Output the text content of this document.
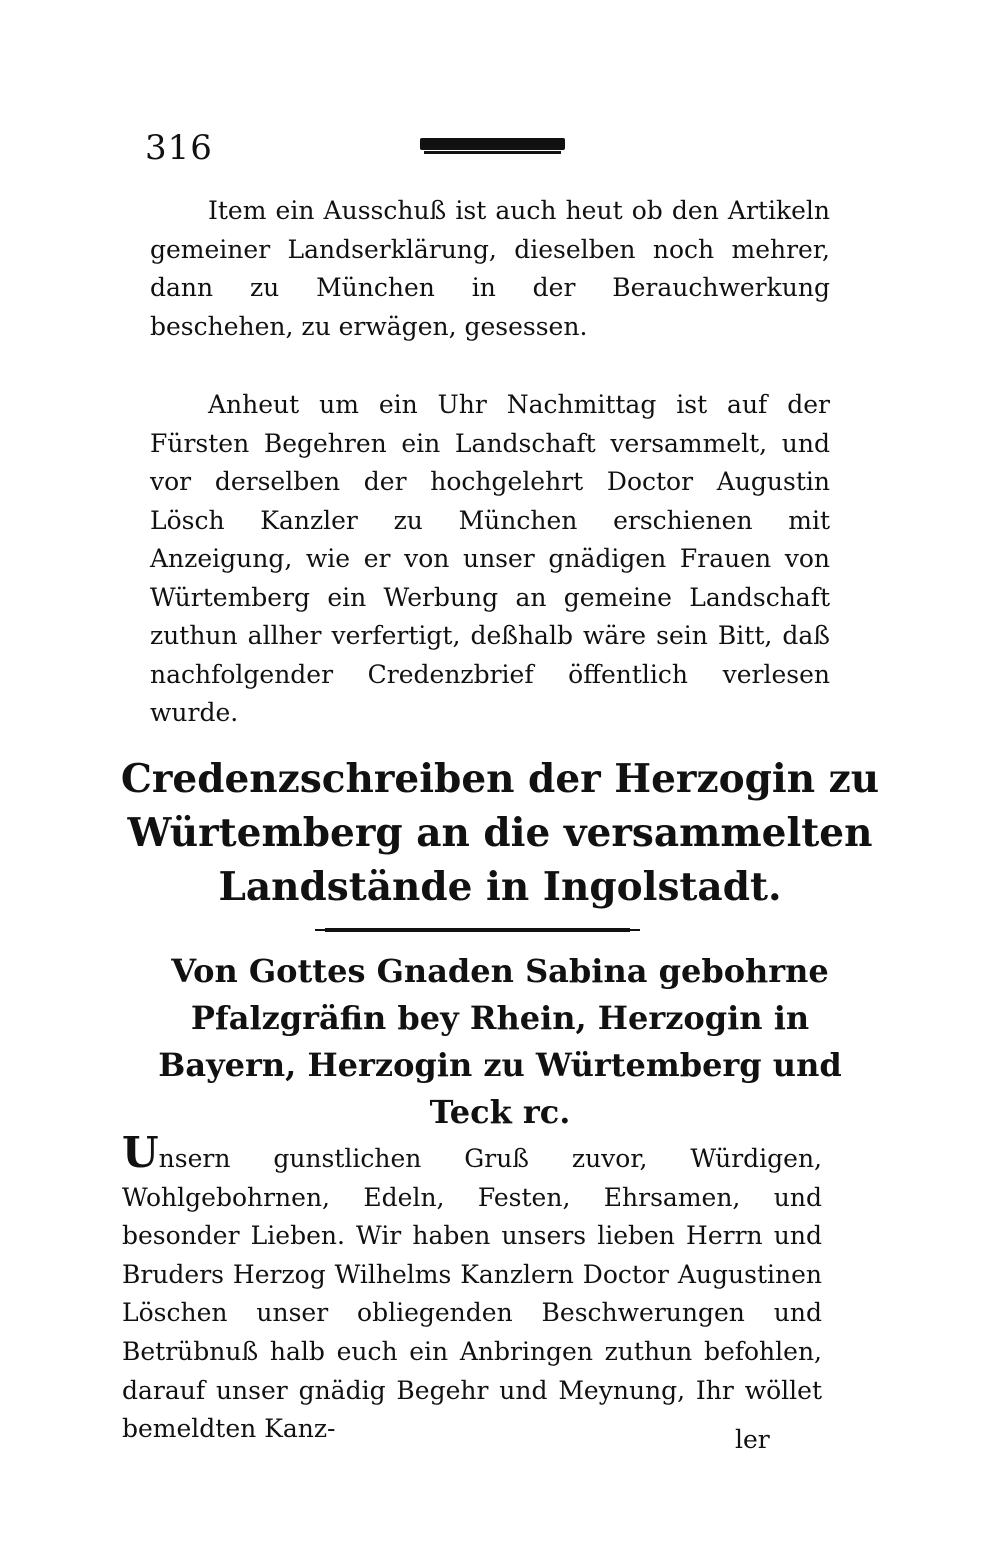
316

Item ein Ausschuß ist auch heut ob den Artikeln gemeiner Landserklärung, dieselben noch mehrer, dann zu München in der Berauchwerkung beschehen, zu erwägen, gesessen.

Anheut um ein Uhr Nachmittag ist auf der Fürsten Begehren ein Landschaft versammelt, und vor derselben der hochgelehrt Doctor Augustin Lösch Kanzler zu München erschienen mit Anzeigung, wie er von unser gnädigen Frauen von Würtemberg ein Werbung an gemeine Landschaft zuthun allher verfertigt, deßhalb wäre sein Bitt, daß nachfolgender Credenzbrief öffentlich verlesen wurde.

Credenzschreiben der Herzogin zu Würtemberg an die versammelten Landstände in Ingolstadt.
Von Gottes Gnaden Sabina gebohrne Pfalzgräfin bey Rhein, Herzogin in Bayern, Herzogin zu Würtemberg und Teck rc.

Unsern gunstlichen Gruß zuvor, Würdigen, Wohlgebohrnen, Edeln, Festen, Ehrsamen, und besonder Lieben. Wir haben unsers lieben Herrn und Bruders Herzog Wilhelms Kanzlern Doctor Augustinen Löschen unser obliegenden Beschwerungen und Betrübnuß halb euch ein Anbringen zuthun befohlen, darauf unser gnädig Begehr und Meynung, Ihr wöllet bemeldten Kanz-	ler
